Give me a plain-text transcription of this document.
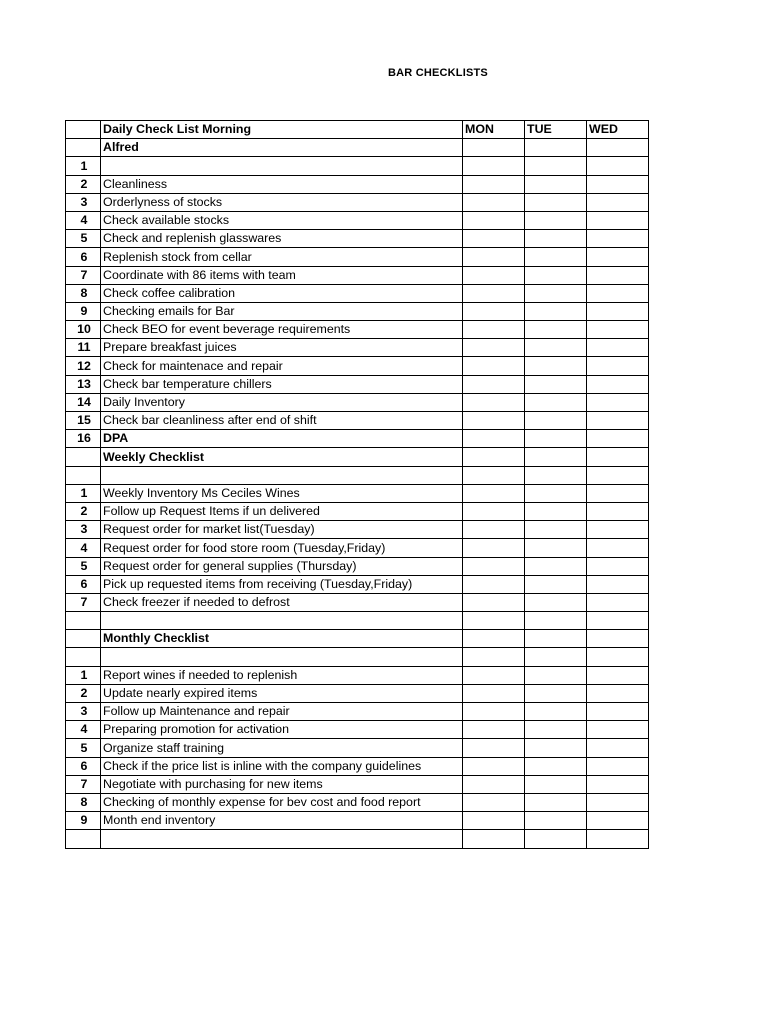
BAR CHECKLISTS
	Daily Check List Morning	MON	TUE	WED
	Alfred			
1				
2	Cleanliness			
3	Orderlyness of stocks			
4	Check available stocks			
5	Check and replenish glasswares			
6	Replenish stock from cellar			
7	Coordinate with 86 items with team			
8	Check coffee calibration			
9	Checking emails for Bar			
10	Check BEO for event beverage requirements			
11	Prepare breakfast juices			
12	Check for maintenace and repair			
13	Check bar temperature chillers			
14	Daily Inventory			
15	Check bar cleanliness after end of shift			
16	DPA			
	Weekly Checklist			

1	Weekly Inventory Ms Ceciles Wines			
2	Follow up Request Items if un delivered			
3	Request order for market list(Tuesday)			
4	Request order for food store room (Tuesday,Friday)			
5	Request order for general supplies (Thursday)			
6	Pick up requested items from receiving (Tuesday,Friday)			
7	Check freezer if needed to defrost			

	Monthly Checklist			

1	Report wines if needed to replenish			
2	Update nearly expired items			
3	Follow up Maintenance and repair			
4	Preparing promotion for activation			
5	Organize staff training			
6	Check if the price list is inline with the company guidelines			
7	Negotiate with purchasing for new items			
8	Checking of monthly expense for bev cost and food report			
9	Month end inventory			
